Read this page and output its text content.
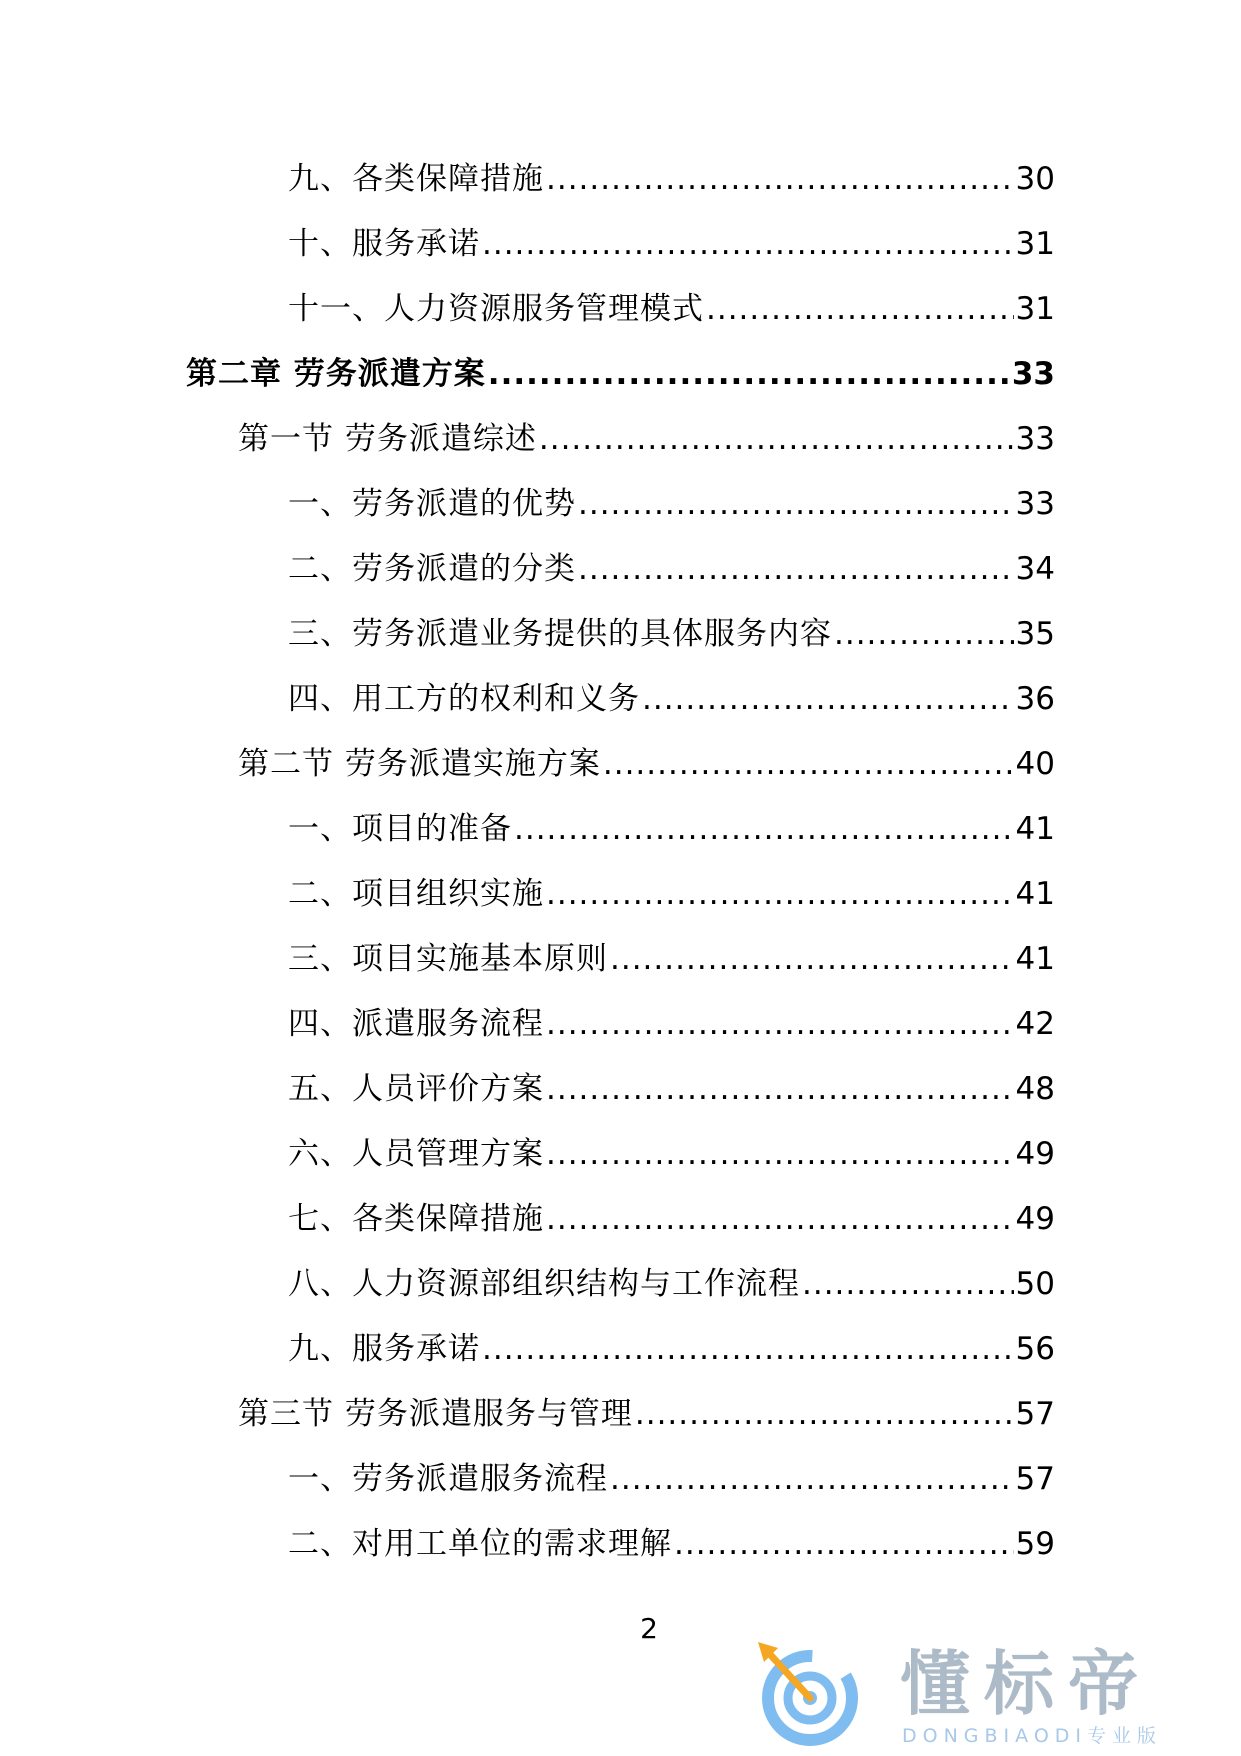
九、各类保障措施 .....	30
十、服务承诺 .....	31
十一、人力资源服务管理模式 .....	31
第二章 劳务派遣方案 .....	33
第一节 劳务派遣综述 .....	33
一、劳务派遣的优势 .....	33
二、劳务派遣的分类 .....	34
三、劳务派遣业务提供的具体服务内容 .....	35
四、用工方的权利和义务 .....	36
第二节 劳务派遣实施方案 .....	40
一、项目的准备 .....	41
二、项目组织实施 .....	41
三、项目实施基本原则 .....	41
四、派遣服务流程 .....	42
五、人员评价方案 .....	48
六、人员管理方案 .....	49
七、各类保障措施 .....	49
八、人力资源部组织结构与工作流程 .....	50
九、服务承诺 .....	56
第三节 劳务派遣服务与管理 .....	57
一、劳务派遣服务流程 .....	57
二、对用工单位的需求理解 .....	59
2
懂标帝
DONGBIAODI专业版
